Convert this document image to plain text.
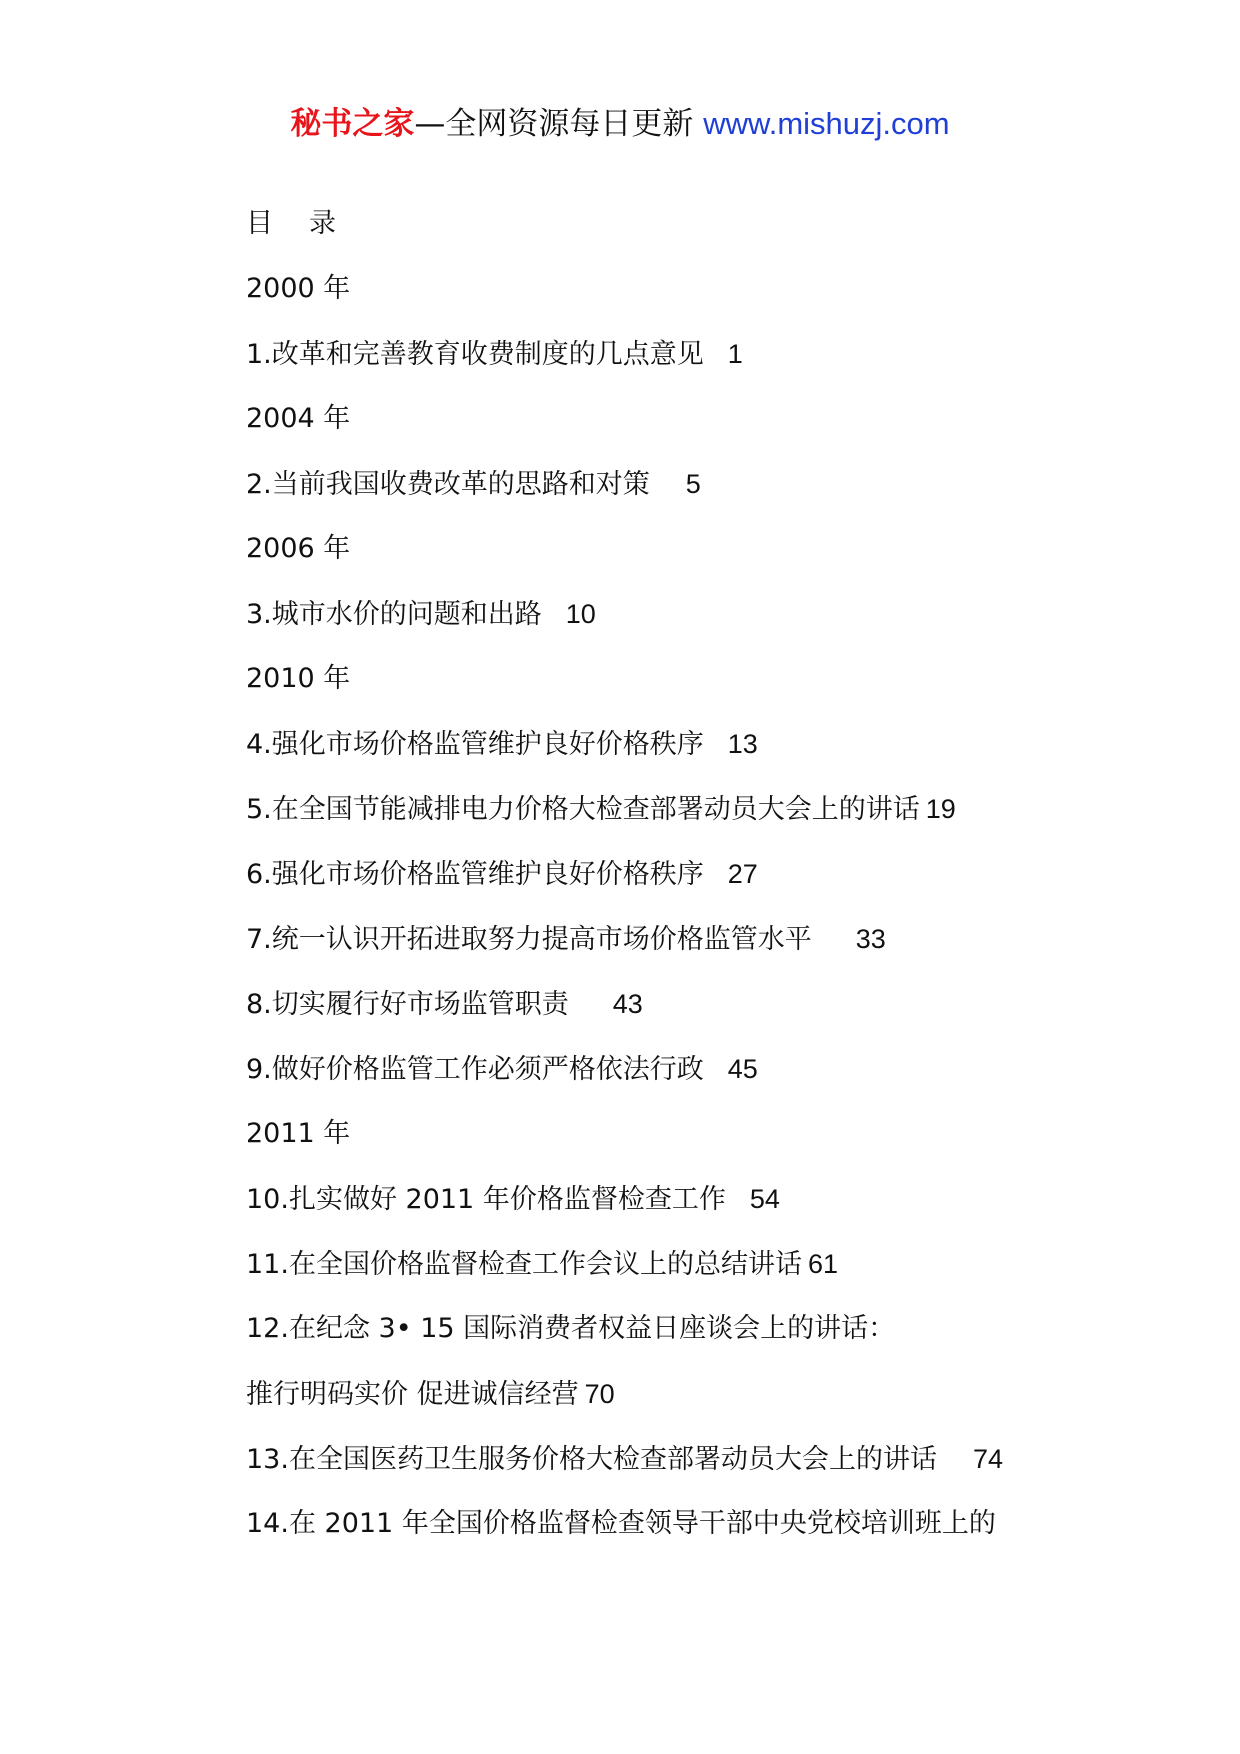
秘书之家—全网资源每日更新 www.mishuzj.com
目 录
2000 年
1.改革和完善教育收费制度的几点意见 1
2004 年
2.当前我国收费改革的思路和对策 5
2006 年
3.城市水价的问题和出路 10
2010 年
4.强化市场价格监管维护良好价格秩序 13
5.在全国节能减排电力价格大检查部署动员大会上的讲话 19
6.强化市场价格监管维护良好价格秩序 27
7.统一认识开拓进取努力提高市场价格监管水平 33
8.切实履行好市场监管职责 43
9.做好价格监管工作必须严格依法行政 45
2011 年
10.扎实做好 2011 年价格监督检查工作 54
11.在全国价格监督检查工作会议上的总结讲话 61
12.在纪念 3• 15 国际消费者权益日座谈会上的讲话：
推行明码实价 促进诚信经营 70
13.在全国医药卫生服务价格大检查部署动员大会上的讲话 74
14.在 2011 年全国价格监督检查领导干部中央党校培训班上的
